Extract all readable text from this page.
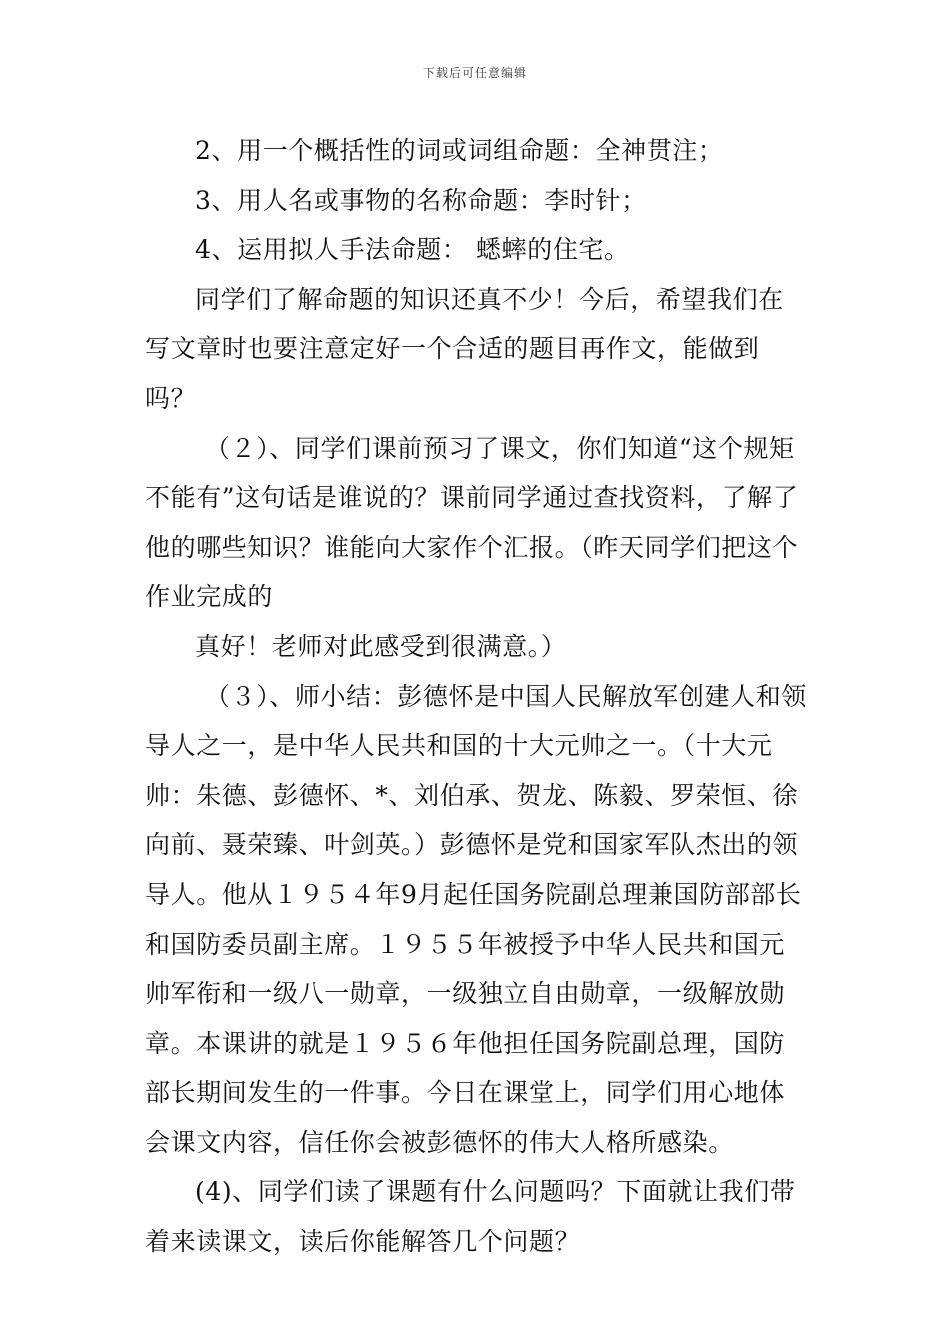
下载后可任意编辑

2、用一个概括性的词或词组命题：全神贯注；

3、用人名或事物的名称命题：李时针；

4、运用拟人手法命题： 蟋蟀的住宅。

同学们了解命题的知识还真不少！今后，希望我们在写文章时也要注意定好一个合适的题目再作文，能做到吗？

（２）、同学们课前预习了课文，你们知道“这个规矩不能有”这句话是谁说的？课前同学通过查找资料，了解了他的哪些知识？谁能向大家作个汇报。（昨天同学们把这个作业完成的

真好！老师对此感受到很满意。）

（３）、师小结：彭德怀是中国人民解放军创建人和领导人之一，是中华人民共和国的十大元帅之一。（十大元帅：朱德、彭德怀、*、刘伯承、贺龙、陈毅、罗荣恒、徐向前、聂荣臻、叶剑英。）彭德怀是党和国家军队杰出的领导人。他从１９５４年9月起任国务院副总理兼国防部部长和国防委员副主席。１９５５年被授予中华人民共和国元帅军衔和一级八一勋章，一级独立自由勋章，一级解放勋章。本课讲的就是１９５６年他担任国务院副总理，国防部长期间发生的一件事。今日在课堂上，同学们用心地体会课文内容，信任你会被彭德怀的伟大人格所感染。

(4)、同学们读了课题有什么问题吗？下面就让我们带着来读课文，读后你能解答几个问题？
